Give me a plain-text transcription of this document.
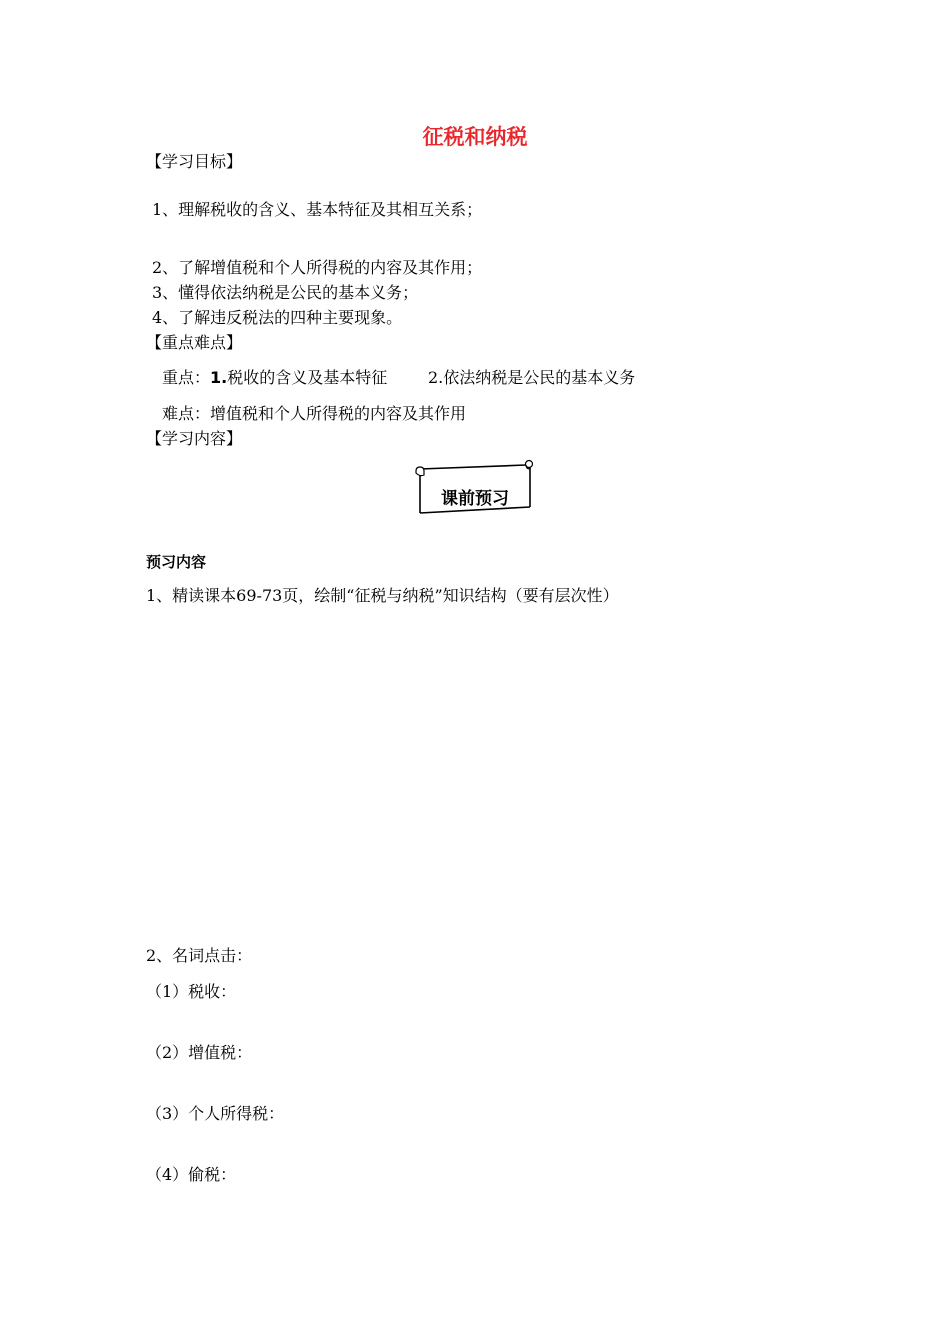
征税和纳税
【学习目标】
1、理解税收的含义、基本特征及其相互关系；
2、了解增值税和个人所得税的内容及其作用；
3、懂得依法纳税是公民的基本义务；
4、了解违反税法的四种主要现象。
【重点难点】
重点：1.税收的含义及基本特征	2.依法纳税是公民的基本义务
难点：增值税和个人所得税的内容及其作用
【学习内容】
课前预习
预习内容
1、精读课本69-73页，绘制“征税与纳税”知识结构（要有层次性）
2、名词点击：
（1）税收：
（2）增值税：
（3）个人所得税：
（4）偷税：
